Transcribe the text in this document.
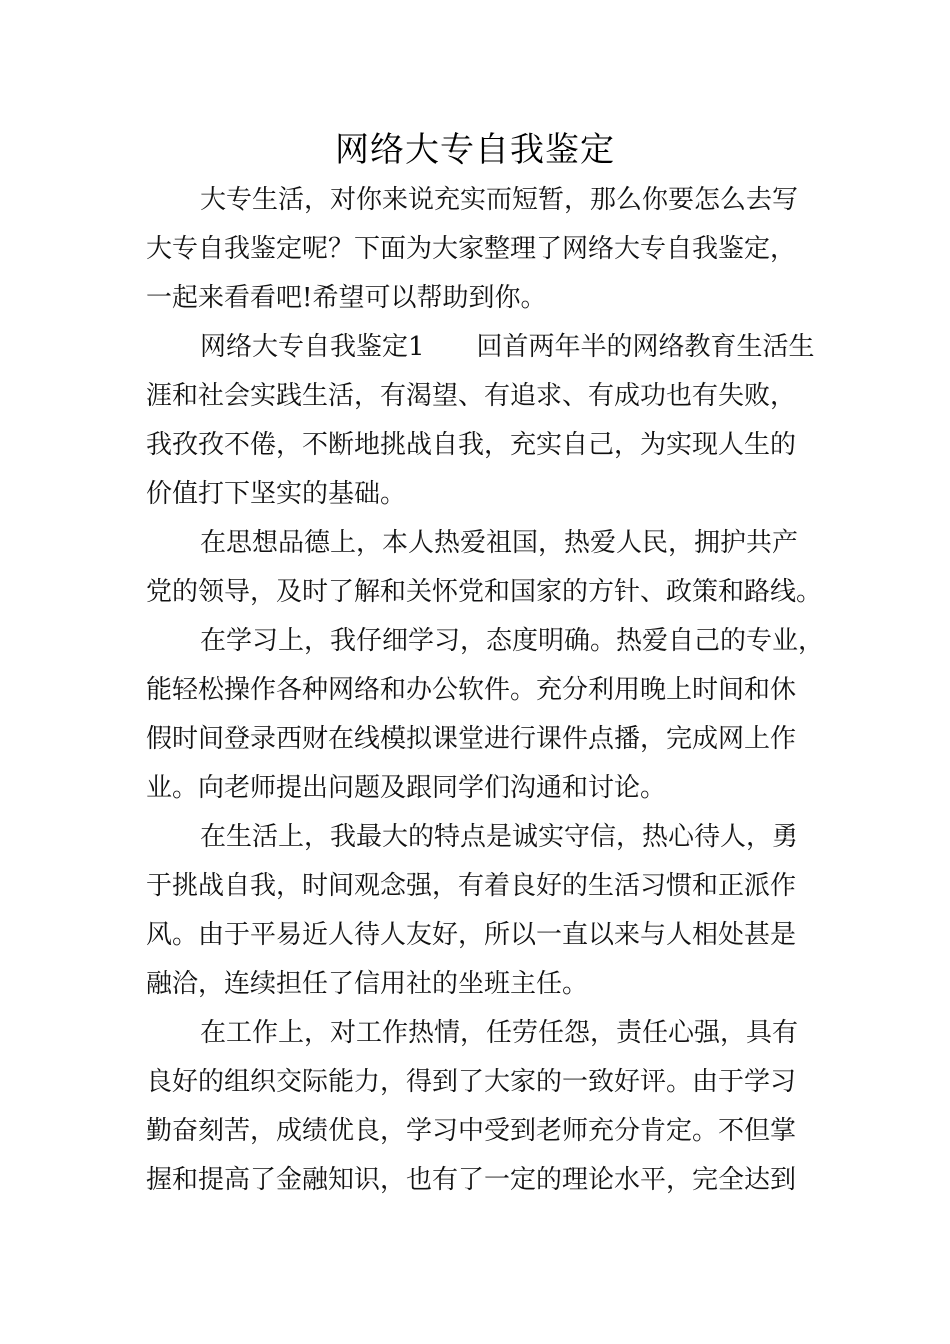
网络大专自我鉴定
大专生活，对你来说充实而短暂，那么你要怎么去写
大专自我鉴定呢？下面为大家整理了网络大专自我鉴定，
一起来看看吧!希望可以帮助到你。
网络大专自我鉴定1　　回首两年半的网络教育生活生
涯和社会实践生活，有渴望、有追求、有成功也有失败，
我孜孜不倦，不断地挑战自我，充实自己，为实现人生的
价值打下坚实的基础。
在思想品德上，本人热爱祖国，热爱人民，拥护共产
党的领导，及时了解和关怀党和国家的方针、政策和路线。
在学习上，我仔细学习，态度明确。热爱自己的专业，
能轻松操作各种网络和办公软件。充分利用晚上时间和休
假时间登录西财在线模拟课堂进行课件点播，完成网上作
业。向老师提出问题及跟同学们沟通和讨论。
在生活上，我最大的特点是诚实守信，热心待人，勇
于挑战自我，时间观念强，有着良好的生活习惯和正派作
风。由于平易近人待人友好，所以一直以来与人相处甚是
融洽，连续担任了信用社的坐班主任。
在工作上，对工作热情，任劳任怨，责任心强，具有
良好的组织交际能力，得到了大家的一致好评。由于学习
勤奋刻苦，成绩优良，学习中受到老师充分肯定。不但掌
握和提高了金融知识，也有了一定的理论水平，完全达到
